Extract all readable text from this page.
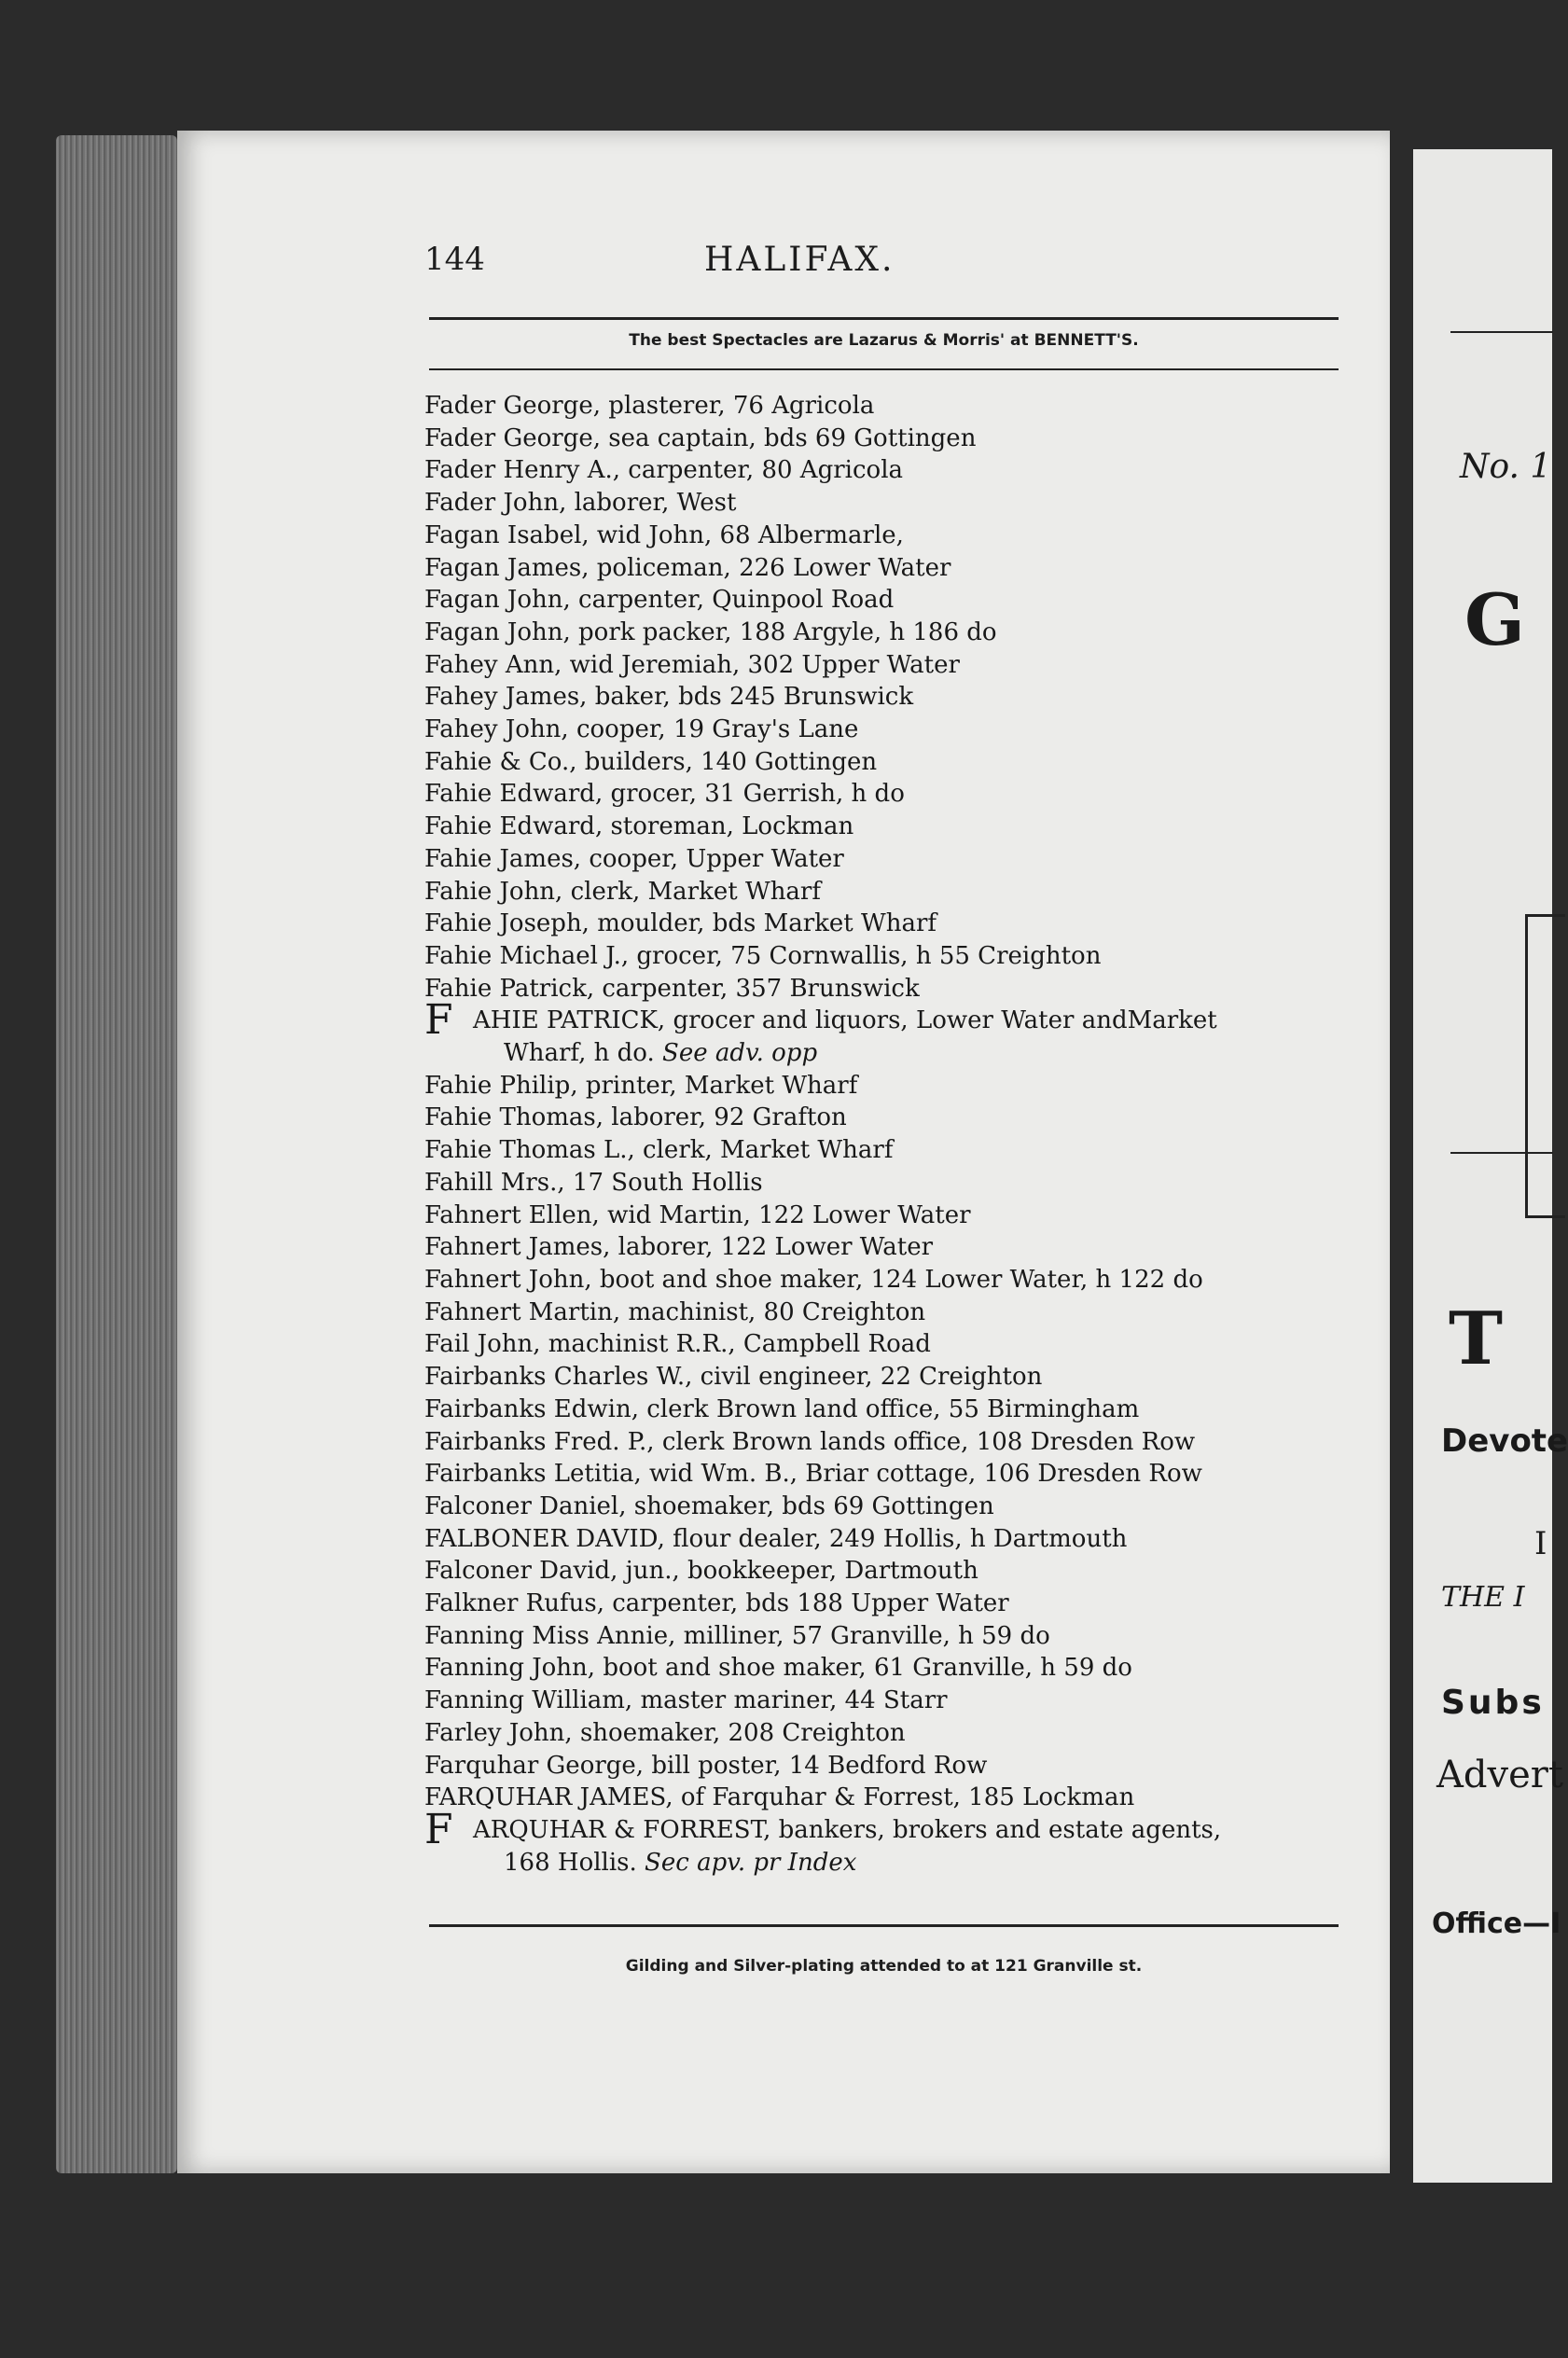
144	HALIFAX.
The best Spectacles are Lazarus & Morris' at BENNETT'S.
Fader George, plasterer, 76 Agricola
Fader George, sea captain, bds 69 Gottingen
Fader Henry A., carpenter, 80 Agricola
Fader John, laborer, West
Fagan Isabel, wid John, 68 Albermarle,
Fagan James, policeman, 226 Lower Water
Fagan John, carpenter, Quinpool Road
Fagan John, pork packer, 188 Argyle, h 186 do
Fahey Ann, wid Jeremiah, 302 Upper Water
Fahey James, baker, bds 245 Brunswick
Fahey John, cooper, 19 Gray's Lane
Fahie & Co., builders, 140 Gottingen
Fahie Edward, grocer, 31 Gerrish, h do
Fahie Edward, storeman, Lockman
Fahie James, cooper, Upper Water
Fahie John, clerk, Market Wharf
Fahie Joseph, moulder, bds Market Wharf
Fahie Michael J., grocer, 75 Cornwallis, h 55 Creighton
Fahie Patrick, carpenter, 357 Brunswick
FAHIE PATRICK, grocer and liquors, Lower Water andMarket
Wharf, h do. See adv. opp
Fahie Philip, printer, Market Wharf
Fahie Thomas, laborer, 92 Grafton
Fahie Thomas L., clerk, Market Wharf
Fahill Mrs., 17 South Hollis
Fahnert Ellen, wid Martin, 122 Lower Water
Fahnert James, laborer, 122 Lower Water
Fahnert John, boot and shoe maker, 124 Lower Water, h 122 do
Fahnert Martin, machinist, 80 Creighton
Fail John, machinist R.R., Campbell Road
Fairbanks Charles W., civil engineer, 22 Creighton
Fairbanks Edwin, clerk Brown land office, 55 Birmingham
Fairbanks Fred. P., clerk Brown lands office, 108 Dresden Row
Fairbanks Letitia, wid Wm. B., Briar cottage, 106 Dresden Row
Falconer Daniel, shoemaker, bds 69 Gottingen
FALBONER DAVID, flour dealer, 249 Hollis, h Dartmouth
Falconer David, jun., bookkeeper, Dartmouth
Falkner Rufus, carpenter, bds 188 Upper Water
Fanning Miss Annie, milliner, 57 Granville, h 59 do
Fanning John, boot and shoe maker, 61 Granville, h 59 do
Fanning William, master mariner, 44 Starr
Farley John, shoemaker, 208 Creighton
Farquhar George, bill poster, 14 Bedford Row
FARQUHAR JAMES, of Farquhar & Forrest, 185 Lockman
FARQUHAR & FORREST, bankers, brokers and estate agents,
168 Hollis. Sec apv. pr Index
Gilding and Silver-plating attended to at 121 Granville st.
No. 1
G
T
Devote
I
THE I
Subs
Advert
Office—I
